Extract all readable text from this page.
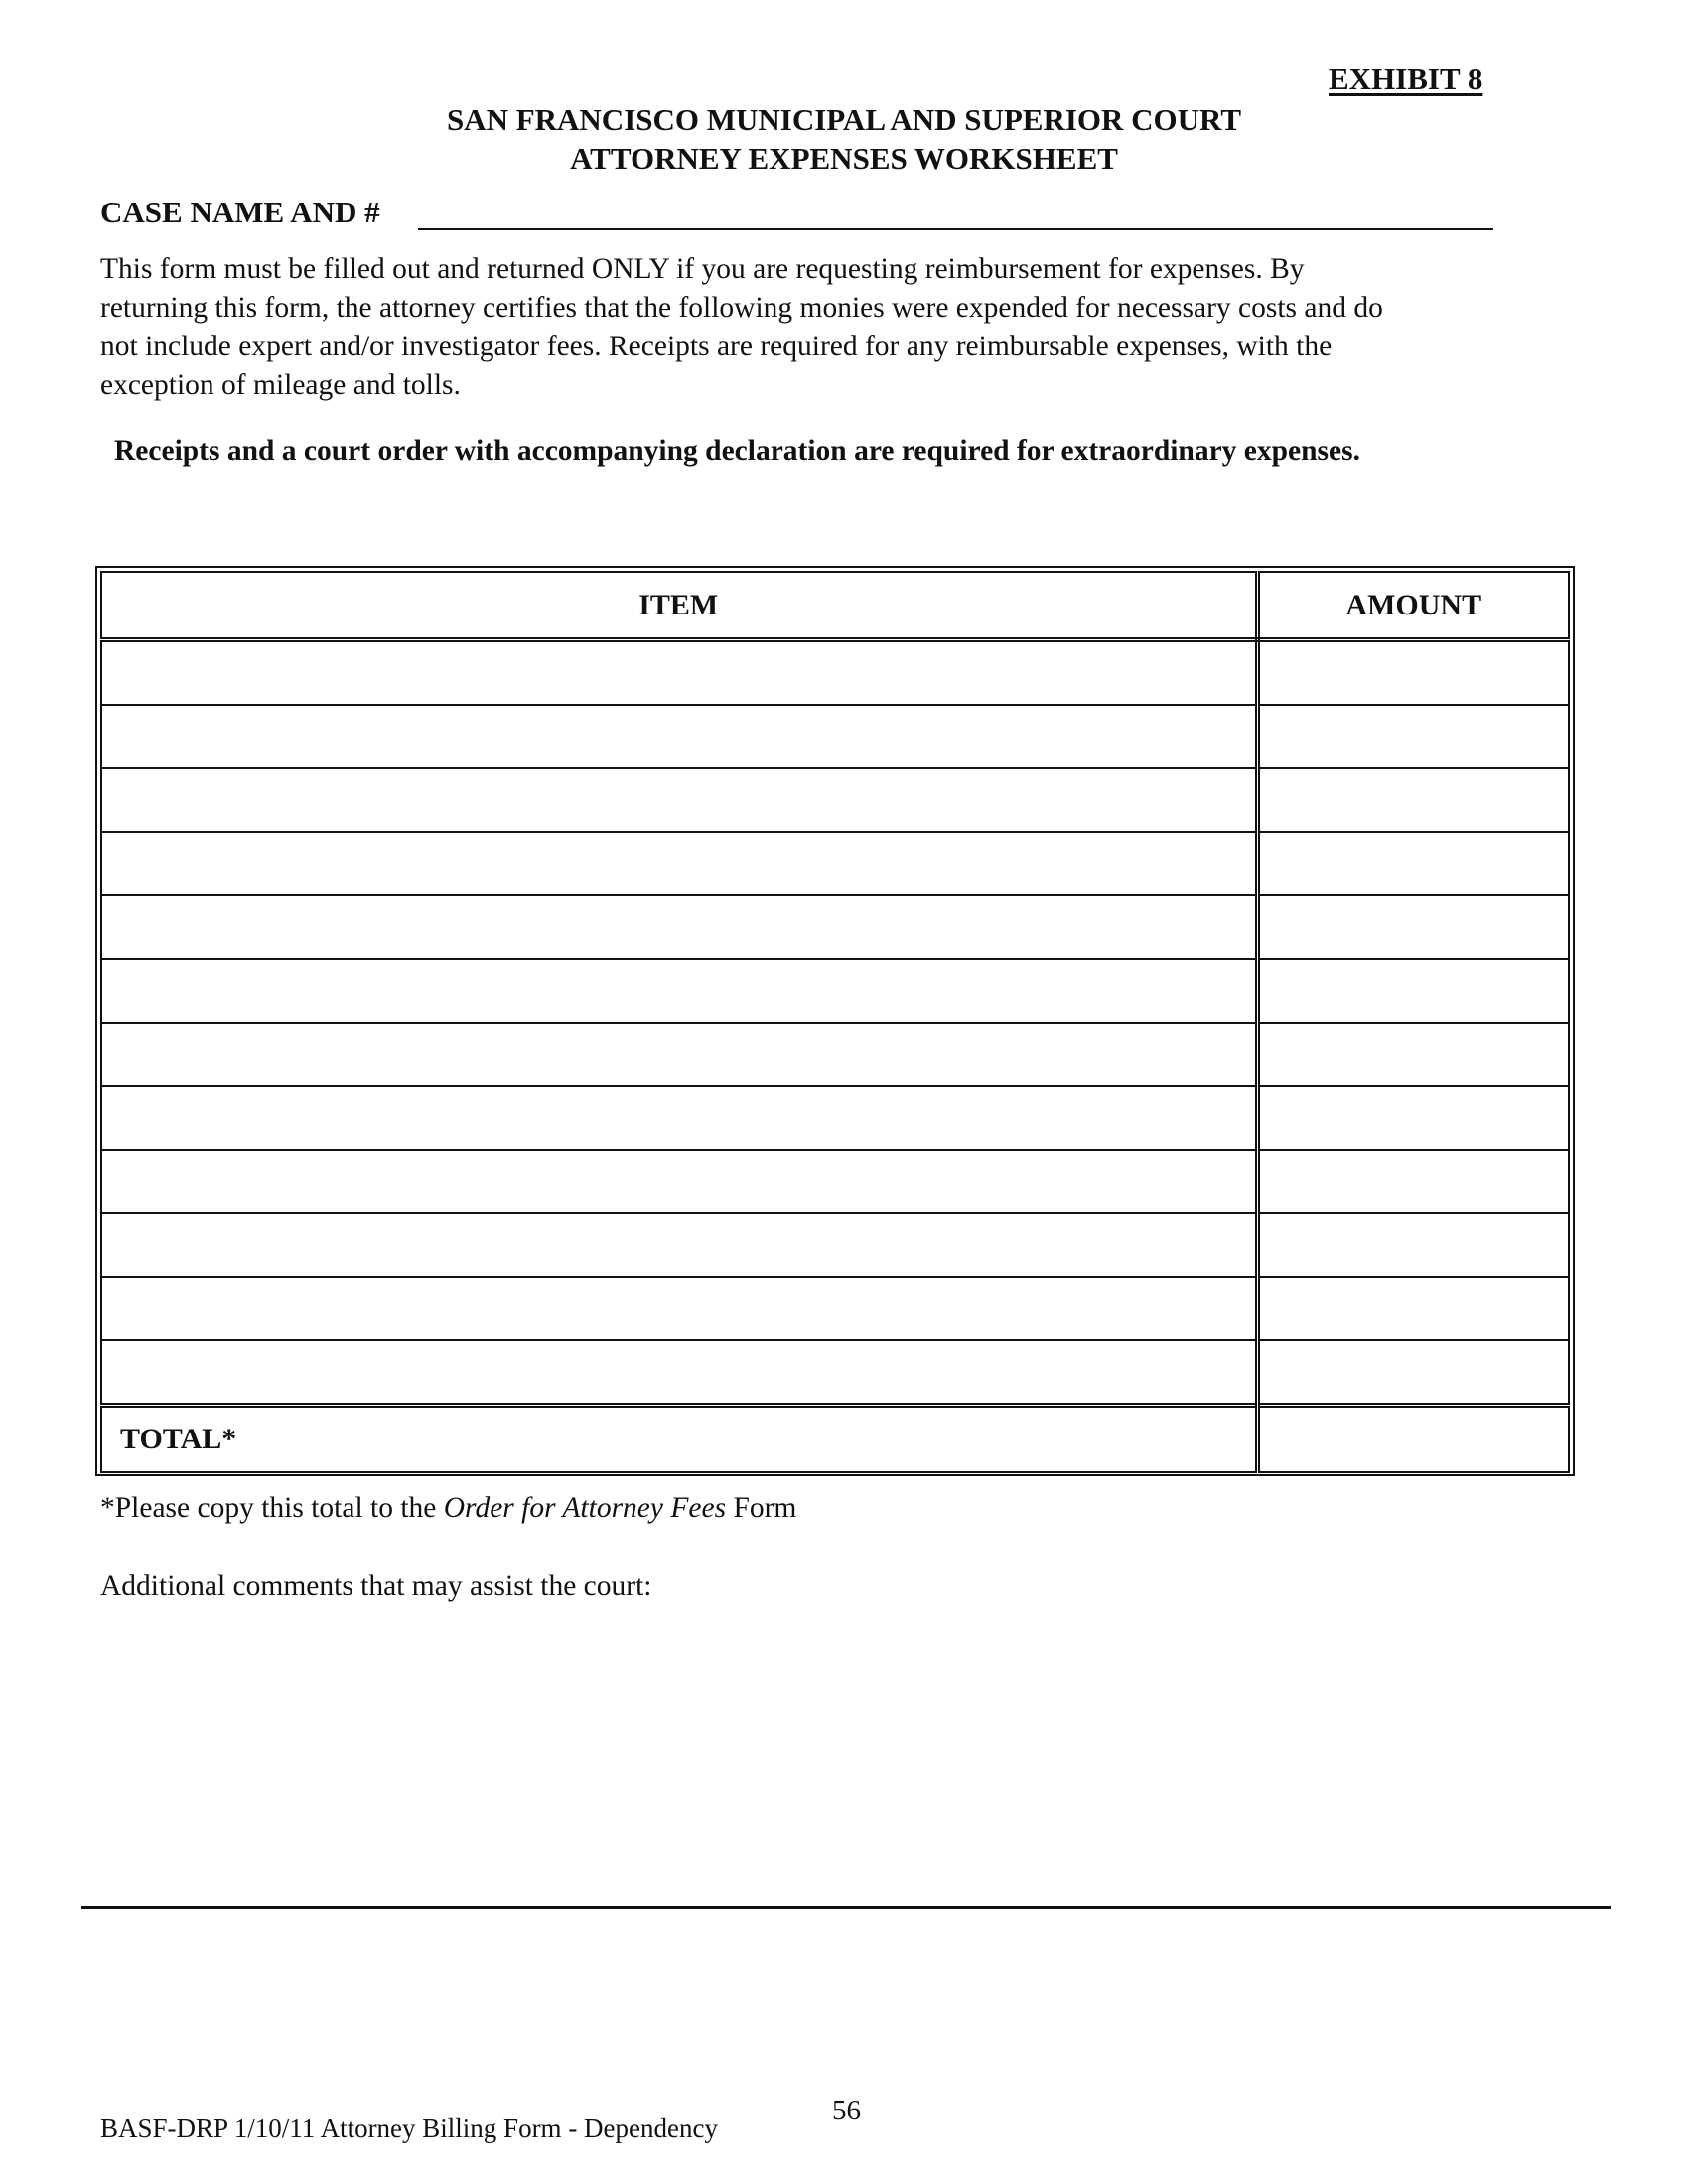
EXHIBIT 8
SAN FRANCISCO MUNICIPAL AND SUPERIOR COURT
ATTORNEY EXPENSES WORKSHEET
CASE NAME AND #

This form must be filled out and returned ONLY if you are requesting reimbursement for expenses. By
returning this form, the attorney certifies that the following monies were expended for necessary costs and do
not include expert and/or investigator fees. Receipts are required for any reimbursable expenses, with the
exception of mileage and tolls.

Receipts and a court order with accompanying declaration are required for extraordinary expenses.
ITEM	AMOUNT

TOTAL*	
*Please copy this total to the Order for Attorney Fees Form
Additional comments that may assist the court:
56
BASF-DRP 1/10/11 Attorney Billing Form - Dependency
